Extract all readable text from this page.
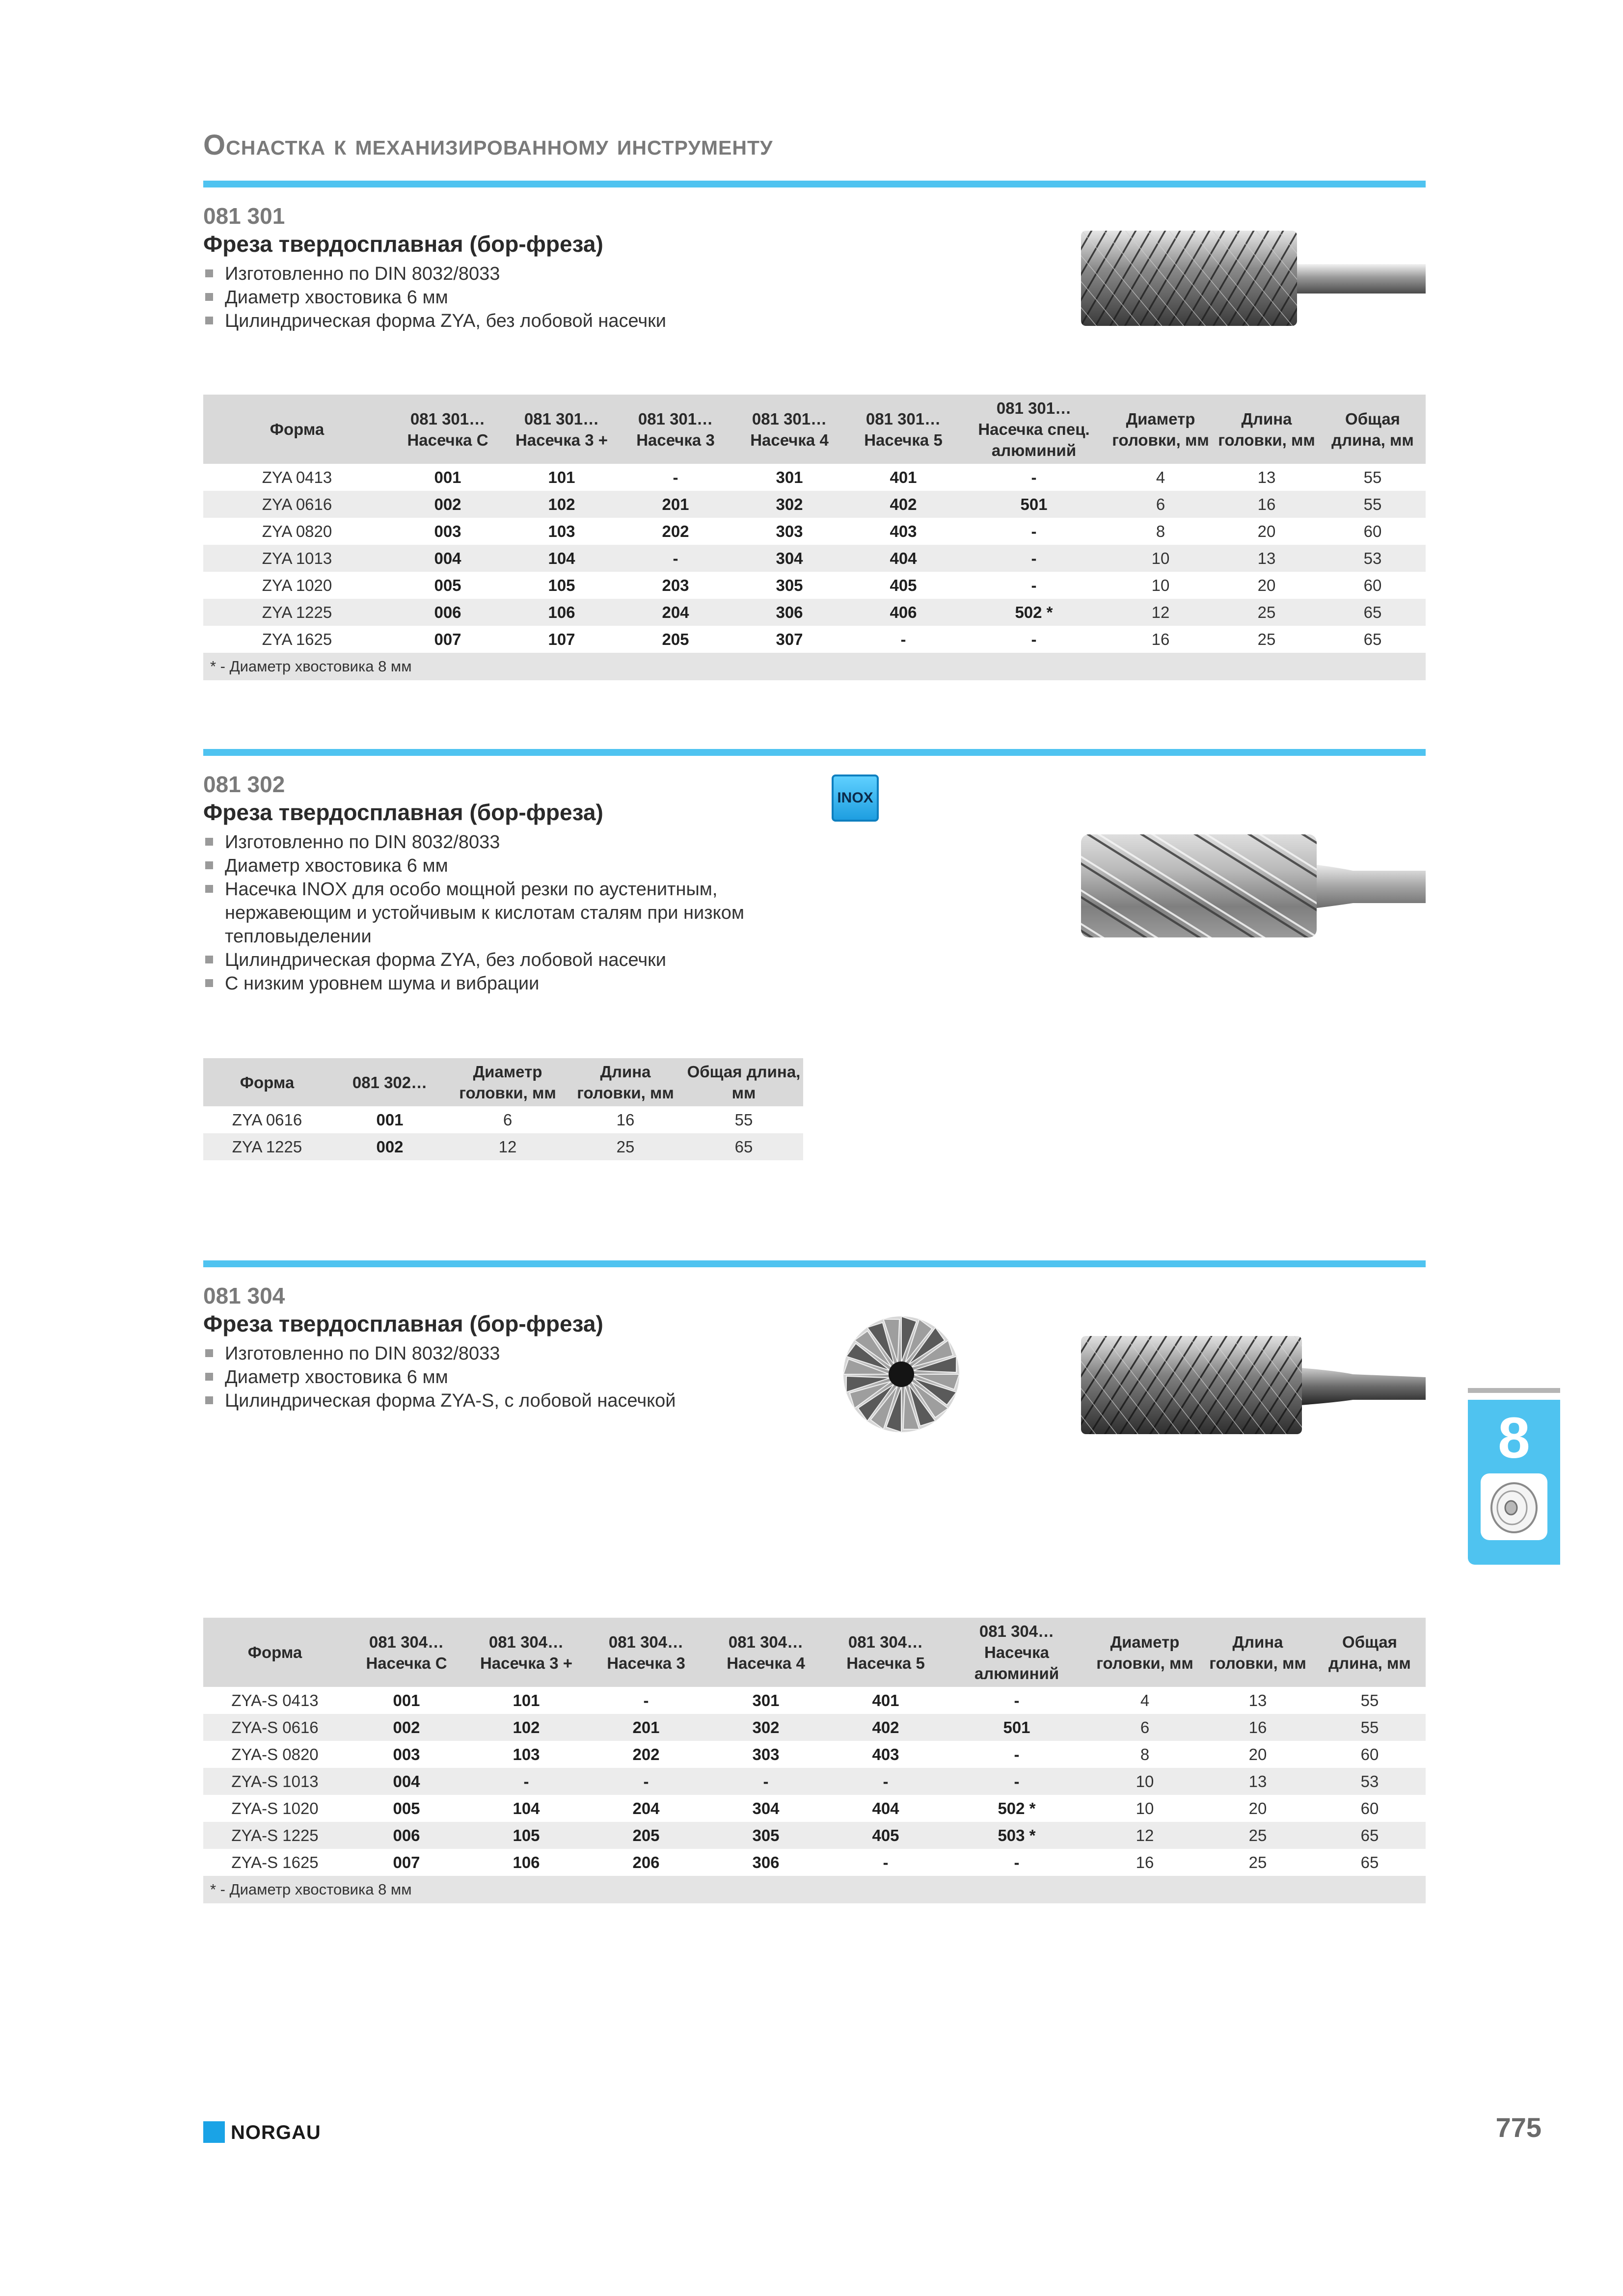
Оснастка к механизированному инструменту

081 301

Фреза твердосплавная (бор-фреза)

Изготовленно по DIN 8032/8033
Диаметр хвостовика 6 мм
Цилиндрическая форма ZYA, без лобовой насечки
Форма	081 301… Насечка С	081 301… Насечка 3 +	081 301… Насечка 3	081 301… Насечка 4	081 301… Насечка 5	081 301… Насечка спец. алюминий	Диаметр головки, мм	Длина головки, мм	Общая длина, мм
ZYA 0413	001	101	-	301	401	-	4	13	55
ZYA 0616	002	102	201	302	402	501	6	16	55
ZYA 0820	003	103	202	303	403	-	8	20	60
ZYA 1013	004	104	-	304	404	-	10	13	53
ZYA 1020	005	105	203	305	405	-	10	20	60
ZYA 1225	006	106	204	306	406	502 *	12	25	65
ZYA 1625	007	107	205	307	-	-	16	25	65
* - Диаметр хвостовика 8 мм									

081 302

Фреза твердосплавная (бор-фреза)

Изготовленно по DIN 8032/8033
Диаметр хвостовика 6 мм
Насечка INOX для особо мощной резки по аустенитным, нержавеющим и устойчивым к кислотам сталям при низком тепловыделении
Цилиндрическая форма ZYA, без лобовой насечки
С низким уровнем шума и вибрации
INOX
Форма	081 302…	Диаметр головки, мм	Длина головки, мм	Общая длина, мм
ZYA 0616	001	6	16	55
ZYA 1225	002	12	25	65

081 304

Фреза твердосплавная (бор-фреза)

Изготовленно по DIN 8032/8033
Диаметр хвостовика 6 мм
Цилиндрическая форма ZYA-S, с лобовой насечкой
Форма	081 304… Насечка С	081 304… Насечка 3 +	081 304… Насечка 3	081 304… Насечка 4	081 304… Насечка 5	081 304… Насечка алюминий	Диаметр головки, мм	Длина головки, мм	Общая длина, мм
ZYA-S 0413	001	101	-	301	401	-	4	13	55
ZYA-S 0616	002	102	201	302	402	501	6	16	55
ZYA-S 0820	003	103	202	303	403	-	8	20	60
ZYA-S 1013	004	-	-	-	-	-	10	13	53
ZYA-S 1020	005	104	204	304	404	502 *	10	20	60
ZYA-S 1225	006	105	205	305	405	503 *	12	25	65
ZYA-S 1625	007	106	206	306	-	-	16	25	65
* - Диаметр хвостовика 8 мм									
8
NORGAU	775
